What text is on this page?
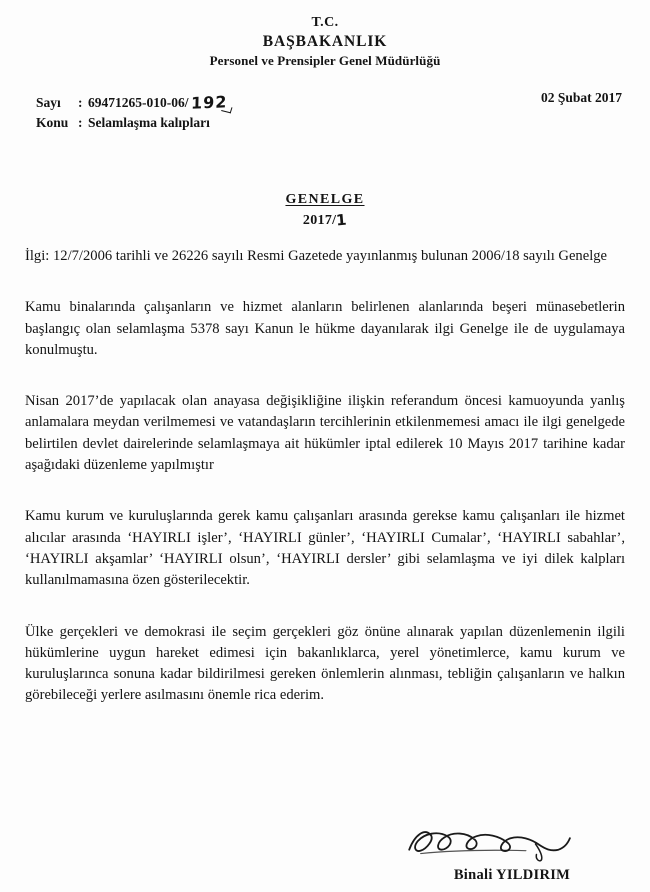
T.C.
BAŞBAKANLIK
Personel ve Prensipler Genel Müdürlüğü
Sayı	: 69471265-010-06/ 192
Konu : Selamlaşma kalıpları
02 Şubat 2017
GENELGE
2017/1

İlgi: 12/7/2006 tarihli ve 26226 sayılı Resmi Gazetede yayınlanmış bulunan 2006/18 sayılı Genelge

Kamu binalarında çalışanların ve hizmet alanların belirlenen alanlarında beşeri münasebetlerin başlangıç olan selamlaşma 5378 sayı Kanun le hükme dayanılarak ilgi Genelge ile de uygulamaya konulmuştu.

Nisan 2017’de yapılacak olan anayasa değişikliğine ilişkin referandum öncesi kamuoyunda yanlış anlamalara meydan verilmemesi ve vatandaşların tercihlerinin etkilenmemesi amacı ile ilgi genelgede belirtilen devlet dairelerinde selamlaşmaya ait hükümler iptal edilerek 10 Mayıs 2017 tarihine kadar aşağıdaki düzenleme yapılmıştır

Kamu kurum ve kuruluşlarında gerek kamu çalışanları arasında gerekse kamu çalışanları ile hizmet alıcılar arasında ‘HAYIRLI işler’, ‘HAYIRLI günler’, ‘HAYIRLI Cumalar’, ‘HAYIRLI sabahlar’, ‘HAYIRLI akşamlar’ ‘HAYIRLI olsun’, ‘HAYIRLI dersler’ gibi selamlaşma ve iyi dilek kalpları kullanılmamasına özen gösterilecektir.

Ülke gerçekleri ve demokrasi ile seçim gerçekleri göz önüne alınarak yapılan düzenlemenin ilgili hükümlerine uygun hareket edimesi için bakanlıklarca, yerel yönetimlerce, kamu kurum ve kuruluşlarınca sonuna kadar bildirilmesi gereken önlemlerin alınması, tebliğin çalışanların ve halkın görebileceği yerlere asılmasını önemle rica ederim.

Binali YILDIRIM
